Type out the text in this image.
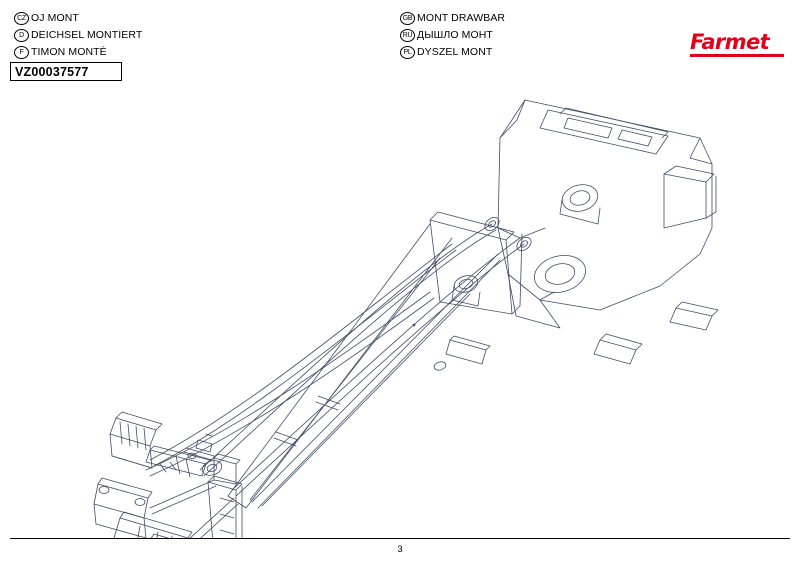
CZ OJ MONT
D DEICHSEL MONTIERT
F TIMON MONTÉ
GB MONT DRAWBAR
RU ДЫШЛО МОНТ
PL DYSZEL MONT
VZ00037577
Farmet
3
